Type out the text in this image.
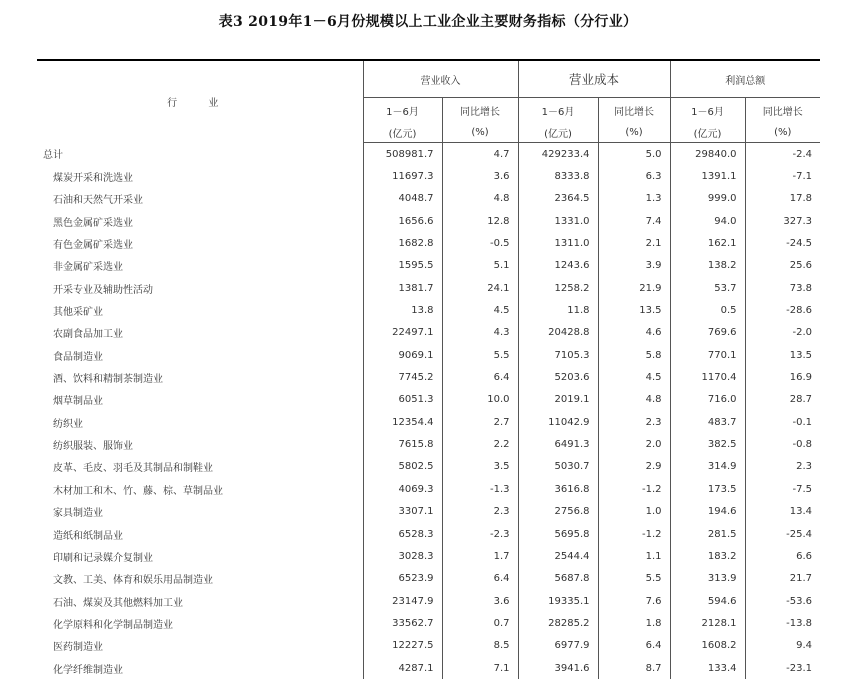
表3 2019年1－6月份规模以上工业企业主要财务指标（分行业）
行 业	营业收入		营业成本		利润总额	
	1－6月	同比增长	1－6月	同比增长	1－6月	同比增长
	(亿元)	(%)	(亿元)	(%)	(亿元)	(%)
总计	508981.7	4.7	429233.4	5.0	29840.0	-2.4
煤炭开采和洗选业	11697.3	3.6	8333.8	6.3	1391.1	-7.1
石油和天然气开采业	4048.7	4.8	2364.5	1.3	999.0	17.8
黑色金属矿采选业	1656.6	12.8	1331.0	7.4	94.0	327.3
有色金属矿采选业	1682.8	-0.5	1311.0	2.1	162.1	-24.5
非金属矿采选业	1595.5	5.1	1243.6	3.9	138.2	25.6
开采专业及辅助性活动	1381.7	24.1	1258.2	21.9	53.7	73.8
其他采矿业	13.8	4.5	11.8	13.5	0.5	-28.6
农副食品加工业	22497.1	4.3	20428.8	4.6	769.6	-2.0
食品制造业	9069.1	5.5	7105.3	5.8	770.1	13.5
酒、饮料和精制茶制造业	7745.2	6.4	5203.6	4.5	1170.4	16.9
烟草制品业	6051.3	10.0	2019.1	4.8	716.0	28.7
纺织业	12354.4	2.7	11042.9	2.3	483.7	-0.1
纺织服装、服饰业	7615.8	2.2	6491.3	2.0	382.5	-0.8
皮革、毛皮、羽毛及其制品和制鞋业	5802.5	3.5	5030.7	2.9	314.9	2.3
木材加工和木、竹、藤、棕、草制品业	4069.3	-1.3	3616.8	-1.2	173.5	-7.5
家具制造业	3307.1	2.3	2756.8	1.0	194.6	13.4
造纸和纸制品业	6528.3	-2.3	5695.8	-1.2	281.5	-25.4
印刷和记录媒介复制业	3028.3	1.7	2544.4	1.1	183.2	6.6
文教、工美、体育和娱乐用品制造业	6523.9	6.4	5687.8	5.5	313.9	21.7
石油、煤炭及其他燃料加工业	23147.9	3.6	19335.1	7.6	594.6	-53.6
化学原料和化学制品制造业	33562.7	0.7	28285.2	1.8	2128.1	-13.8
医药制造业	12227.5	8.5	6977.9	6.4	1608.2	9.4
化学纤维制造业	4287.1	7.1	3941.6	8.7	133.4	-23.1
